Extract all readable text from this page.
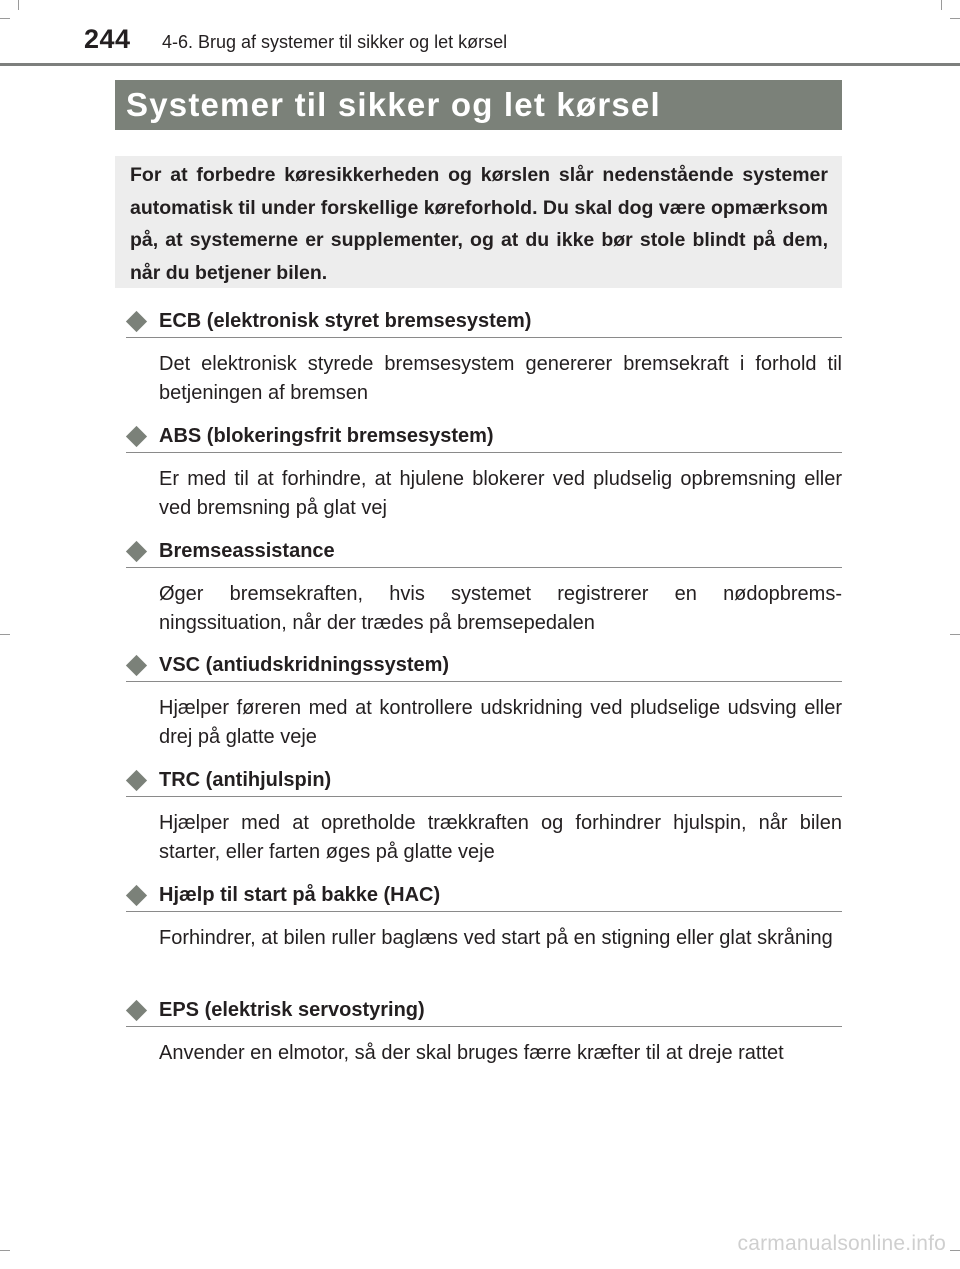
244 4-6. Brug af systemer til sikker og let kørsel
Systemer til sikker og let kørsel

For at forbedre køresikkerheden og kørslen slår nedenstående systemer automatisk til under forskellige køreforhold. Du skal dog være opmærksom på, at systemerne er supplementer, og at du ikke bør stole blindt på dem, når du betjener bilen.

ECB (elektronisk styret bremsesystem)
Det elektronisk styrede bremsesystem genererer bremsekraft i forhold til betjeningen af bremsen
ABS (blokeringsfrit bremsesystem)
Er med til at forhindre, at hjulene blokerer ved pludselig opbremsning eller ved bremsning på glat vej
Bremseassistance
Øger bremsekraften, hvis systemet registrerer en nødopbrems-ningssituation, når der trædes på bremsepedalen
VSC (antiudskridningssystem)
Hjælper føreren med at kontrollere udskridning ved pludselige udsving eller drej på glatte veje
TRC (antihjulspin)
Hjælper med at opretholde trækkraften og forhindrer hjulspin, når bilen starter, eller farten øges på glatte veje
Hjælp til start på bakke (HAC)
Forhindrer, at bilen ruller baglæns ved start på en stigning eller glat skråning
EPS (elektrisk servostyring)
Anvender en elmotor, så der skal bruges færre kræfter til at dreje rattet
carmanualsonline.info
